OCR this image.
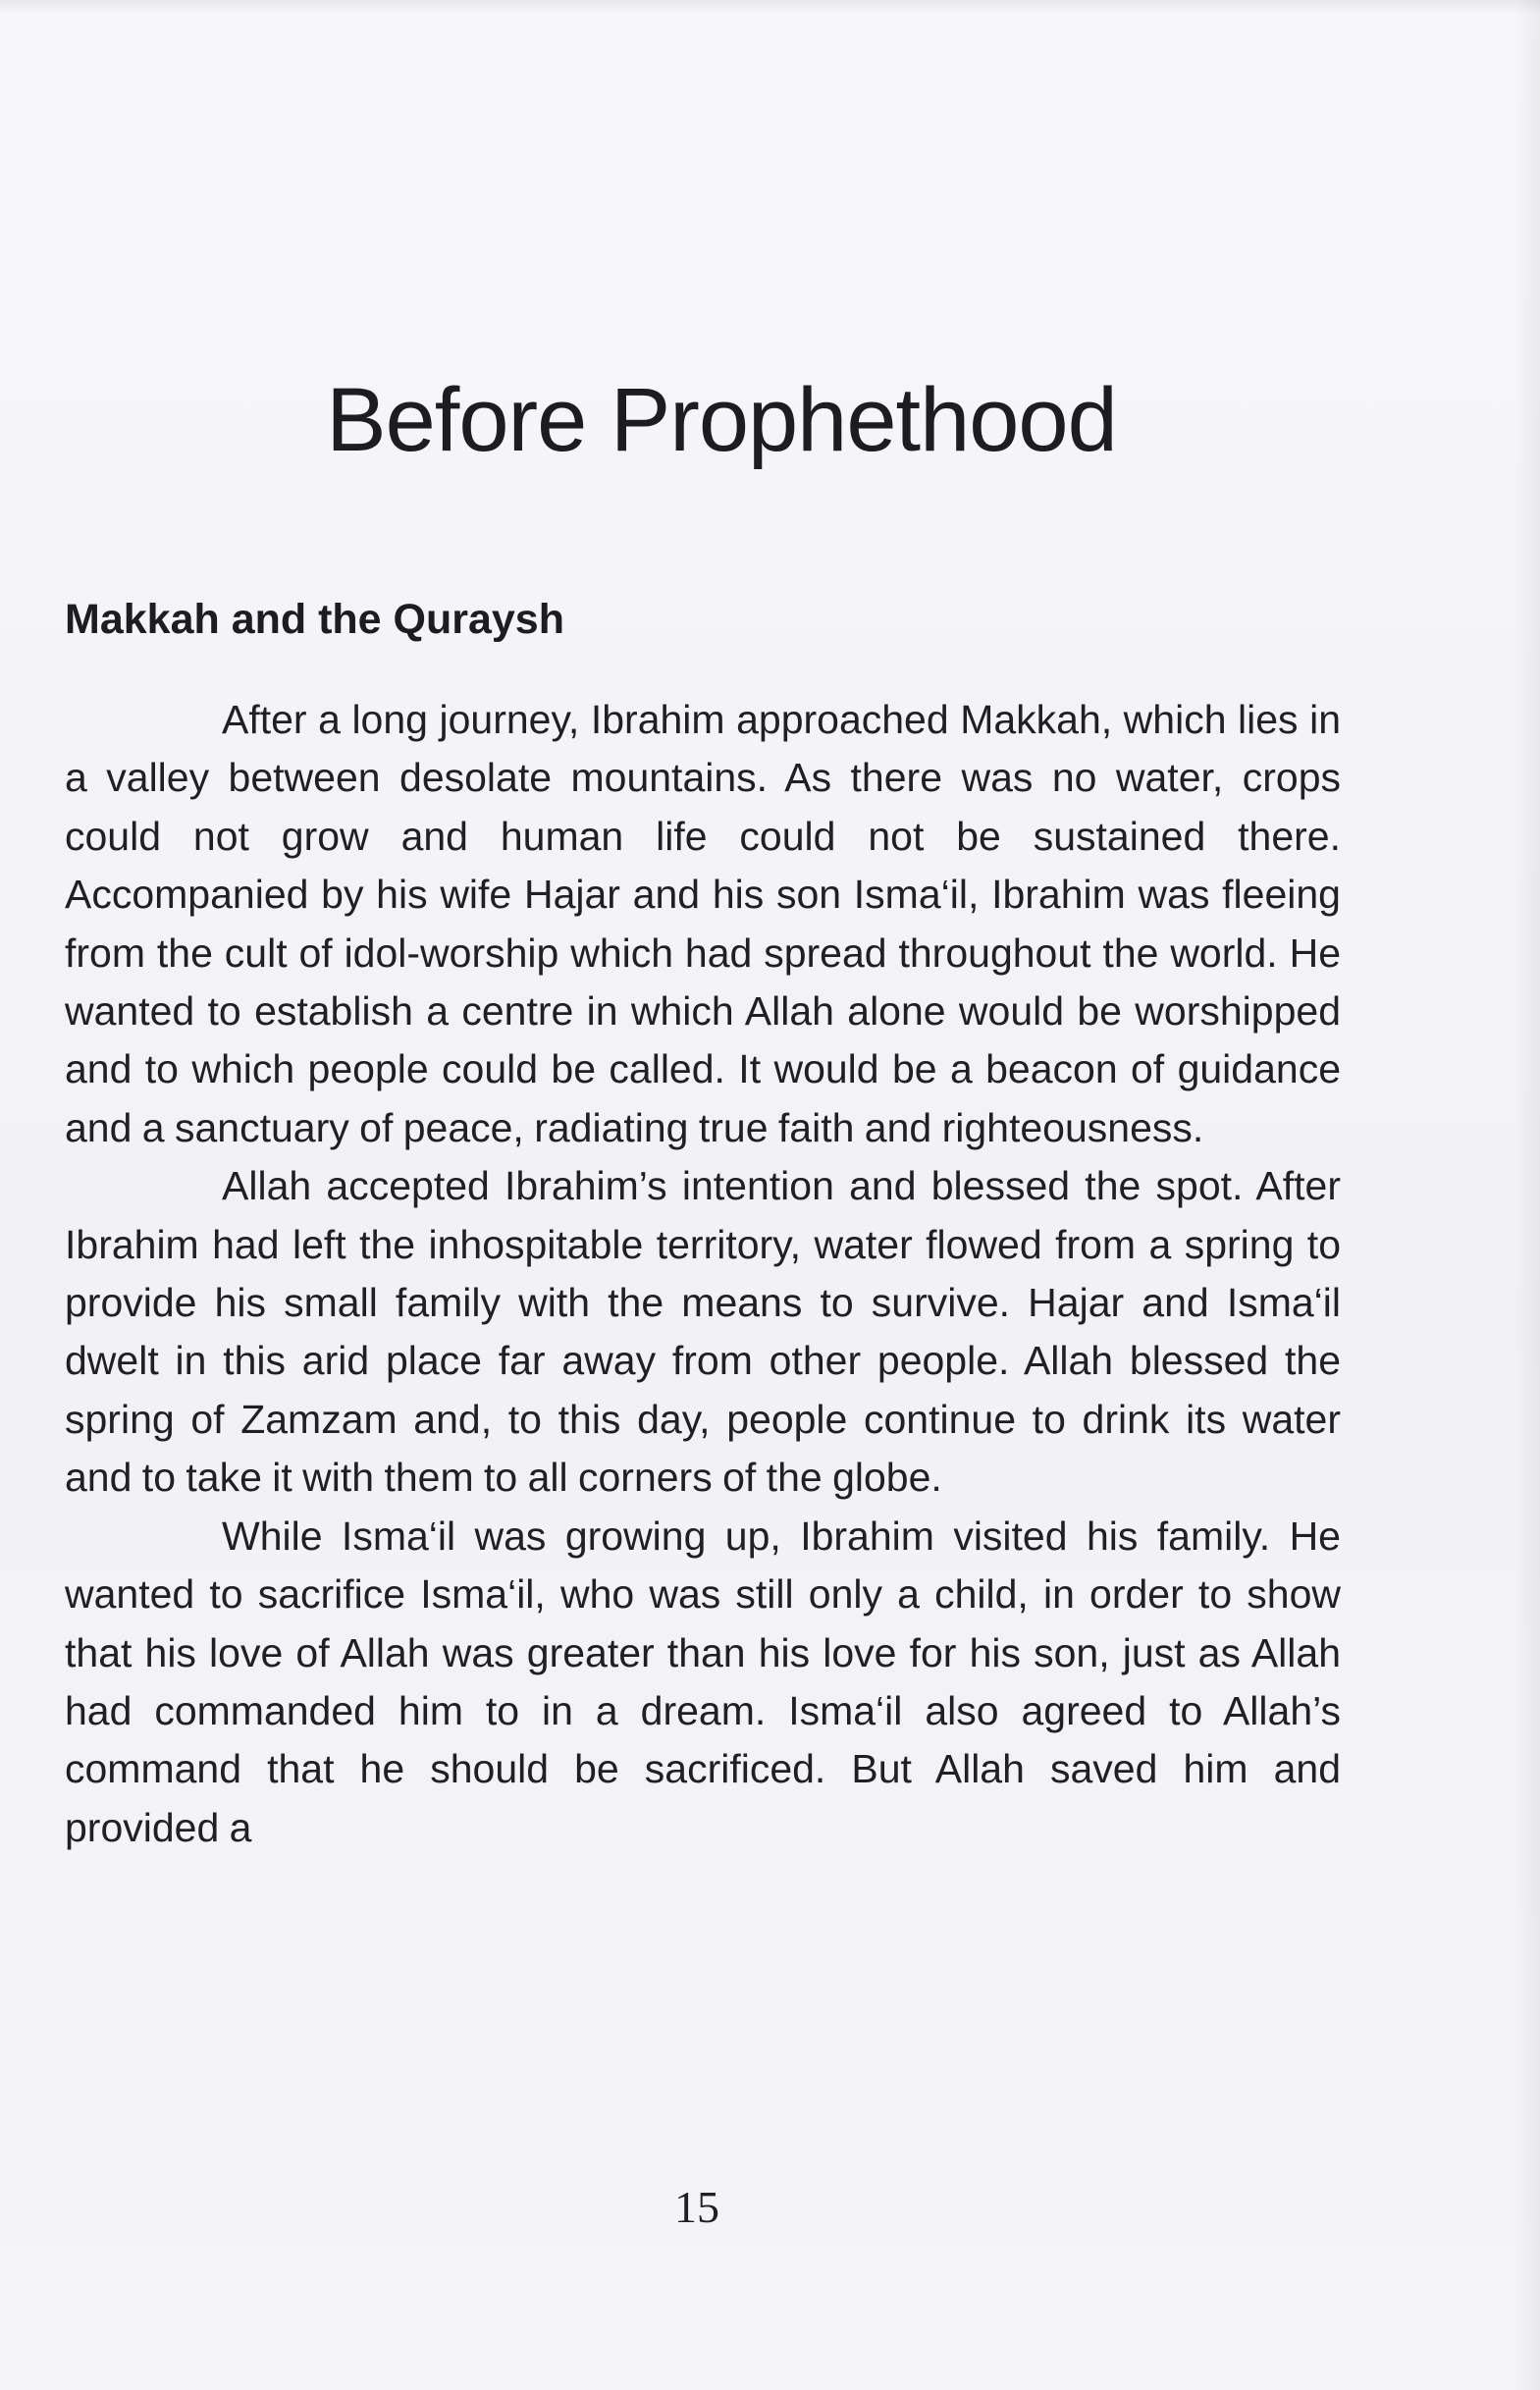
Before Prophethood
Makkah and the Quraysh

After a long journey, Ibrahim approached Makkah, which lies in a valley between desolate mountains. As there was no water, crops could not grow and human life could not be sustained there. Accompanied by his wife Hajar and his son Isma‘il, Ibrahim was fleeing from the cult of idol-worship which had spread throughout the world. He wanted to establish a centre in which Allah alone would be worshipped and to which people could be called. It would be a beacon of guidance and a sanctuary of peace, radiating true faith and righteousness.

Allah accepted Ibrahim’s intention and blessed the spot. After Ibrahim had left the inhospitable territory, water flowed from a spring to provide his small family with the means to survive. Hajar and Isma‘il dwelt in this arid place far away from other people. Allah blessed the spring of Zamzam and, to this day, people continue to drink its water and to take it with them to all corners of the globe.

While Isma‘il was growing up, Ibrahim visited his family. He wanted to sacrifice Isma‘il, who was still only a child, in order to show that his love of Allah was greater than his love for his son, just as Allah had commanded him to in a dream. Isma‘il also agreed to Allah’s command that he should be sacrificed. But Allah saved him and provided a

15
